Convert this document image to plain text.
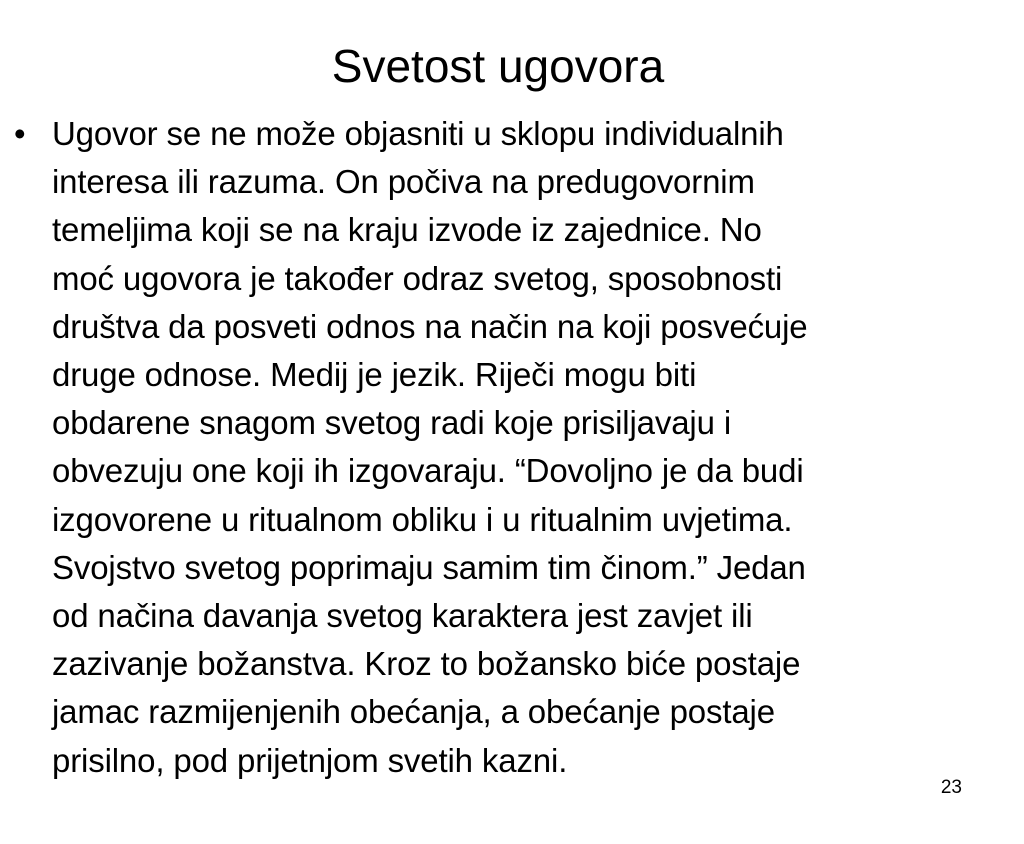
Svetost ugovora
• Ugovor se ne može objasniti u sklopu individualnih
interesa ili razuma. On počiva na predugovornim
temeljima koji se na kraju izvode iz zajednice. No
moć ugovora je također odraz svetog, sposobnosti
društva da posveti odnos na način na koji posvećuje
druge odnose. Medij je jezik. Riječi mogu biti
obdarene snagom svetog radi koje prisiljavaju i
obvezuju one koji ih izgovaraju. “Dovoljno je da budi
izgovorene u ritualnom obliku i u ritualnim uvjetima.
Svojstvo svetog poprimaju samim tim činom.” Jedan
od načina davanja svetog karaktera jest zavjet ili
zazivanje božanstva. Kroz to božansko biće postaje
jamac razmijenjenih obećanja, a obećanje postaje
prisilno, pod prijetnjom svetih kazni.
23
